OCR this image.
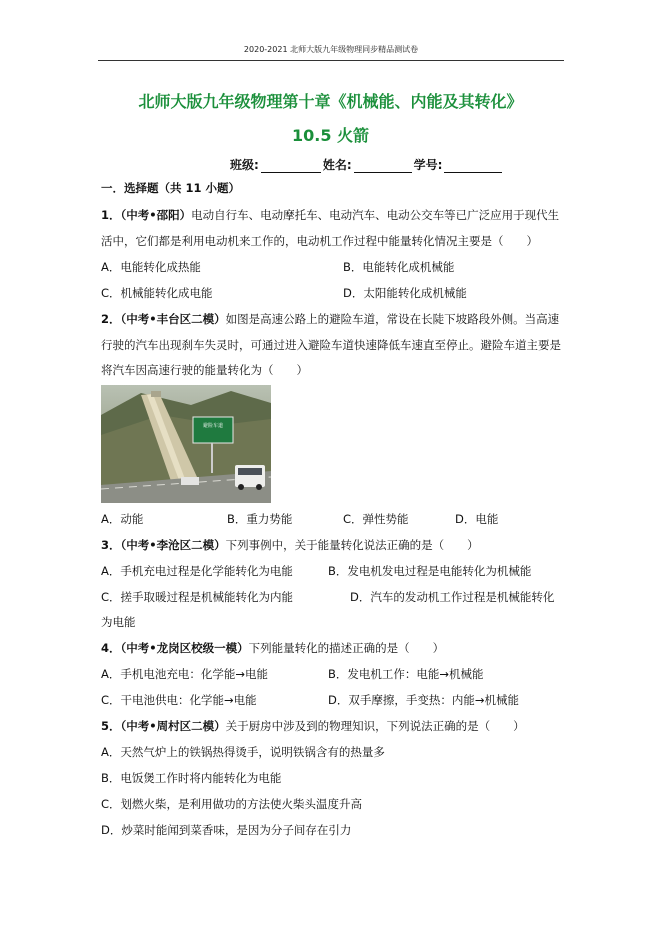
2020-2021 北师大版九年级物理同步精品测试卷
北师大版九年级物理第十章《机械能、内能及其转化》
10.5 火箭
班级:	姓名:	学号:
一．选择题（共 11 小题）
1．（中考•邵阳）电动自行车、电动摩托车、电动汽车、电动公交车等已广泛应用于现代生
活中，它们都是利用电动机来工作的，电动机工作过程中能量转化情况主要是（　　）
A．电能转化成热能	B．电能转化成机械能
C．机械能转化成电能	D．太阳能转化成机械能
2．（中考•丰台区二模）如图是高速公路上的避险车道，常设在长陡下坡路段外侧。当高速
行驶的汽车出现刹车失灵时，可通过进入避险车道快速降低车速直至停止。避险车道主要是
将汽车因高速行驶的能量转化为（　　）
避险车道
A．动能	B．重力势能	C．弹性势能	D．电能
3．（中考•李沧区二模）下列事例中，关于能量转化说法正确的是（　　）
A．手机充电过程是化学能转化为电能	B．发电机发电过程是电能转化为机械能
C．搓手取暖过程是机械能转化为内能	D．汽车的发动机工作过程是机械能转化
为电能
4．（中考•龙岗区校级一模）下列能量转化的描述正确的是（　　）
A．手机电池充电：化学能→电能	B．发电机工作：电能→机械能
C．干电池供电：化学能→电能	D．双手摩擦，手变热：内能→机械能
5．（中考•周村区二模）关于厨房中涉及到的物理知识，下列说法正确的是（　　）
A．天然气炉上的铁锅热得烫手，说明铁锅含有的热量多
B．电饭煲工作时将内能转化为电能
C．划燃火柴，是利用做功的方法使火柴头温度升高
D．炒菜时能闻到菜香味，是因为分子间存在引力
